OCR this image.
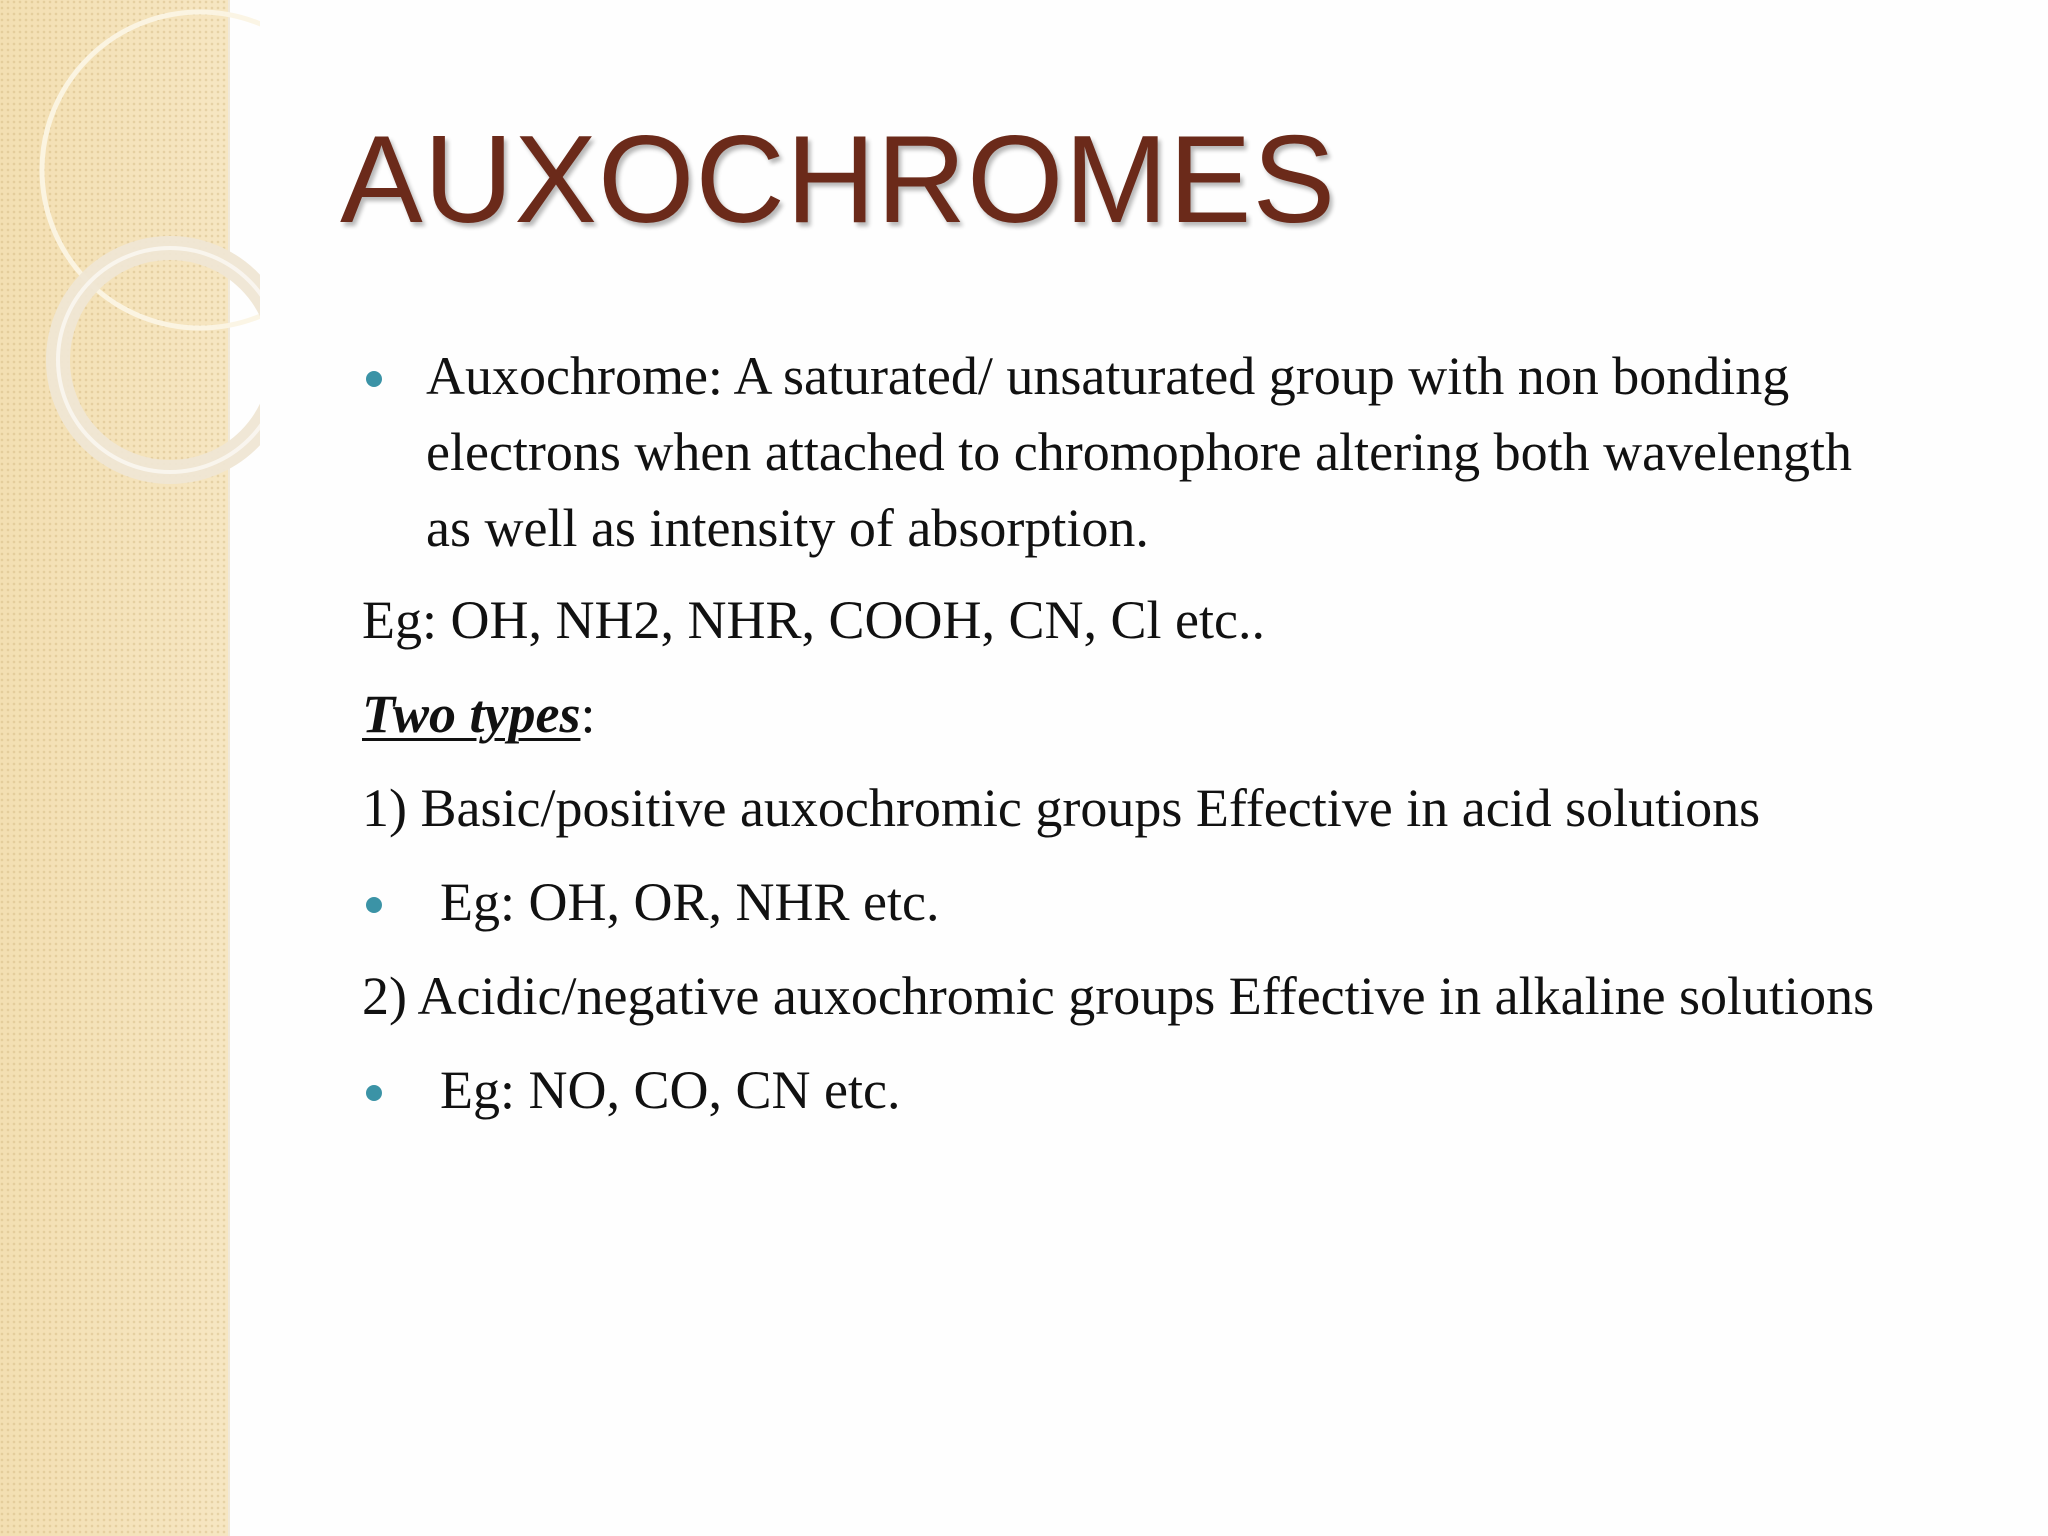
AUXOCHROMES
Auxochrome: A saturated/ unsaturated group with non bonding electrons when attached to chromophore altering both wavelength as well as intensity of absorption.
Eg: OH, NH2, NHR, COOH, CN, Cl etc..
Two types:
1) Basic/positive auxochromic groups Effective in acid solutions
Eg: OH, OR, NHR etc.
2) Acidic/negative auxochromic groups Effective in alkaline solutions
Eg: NO, CO, CN etc.
